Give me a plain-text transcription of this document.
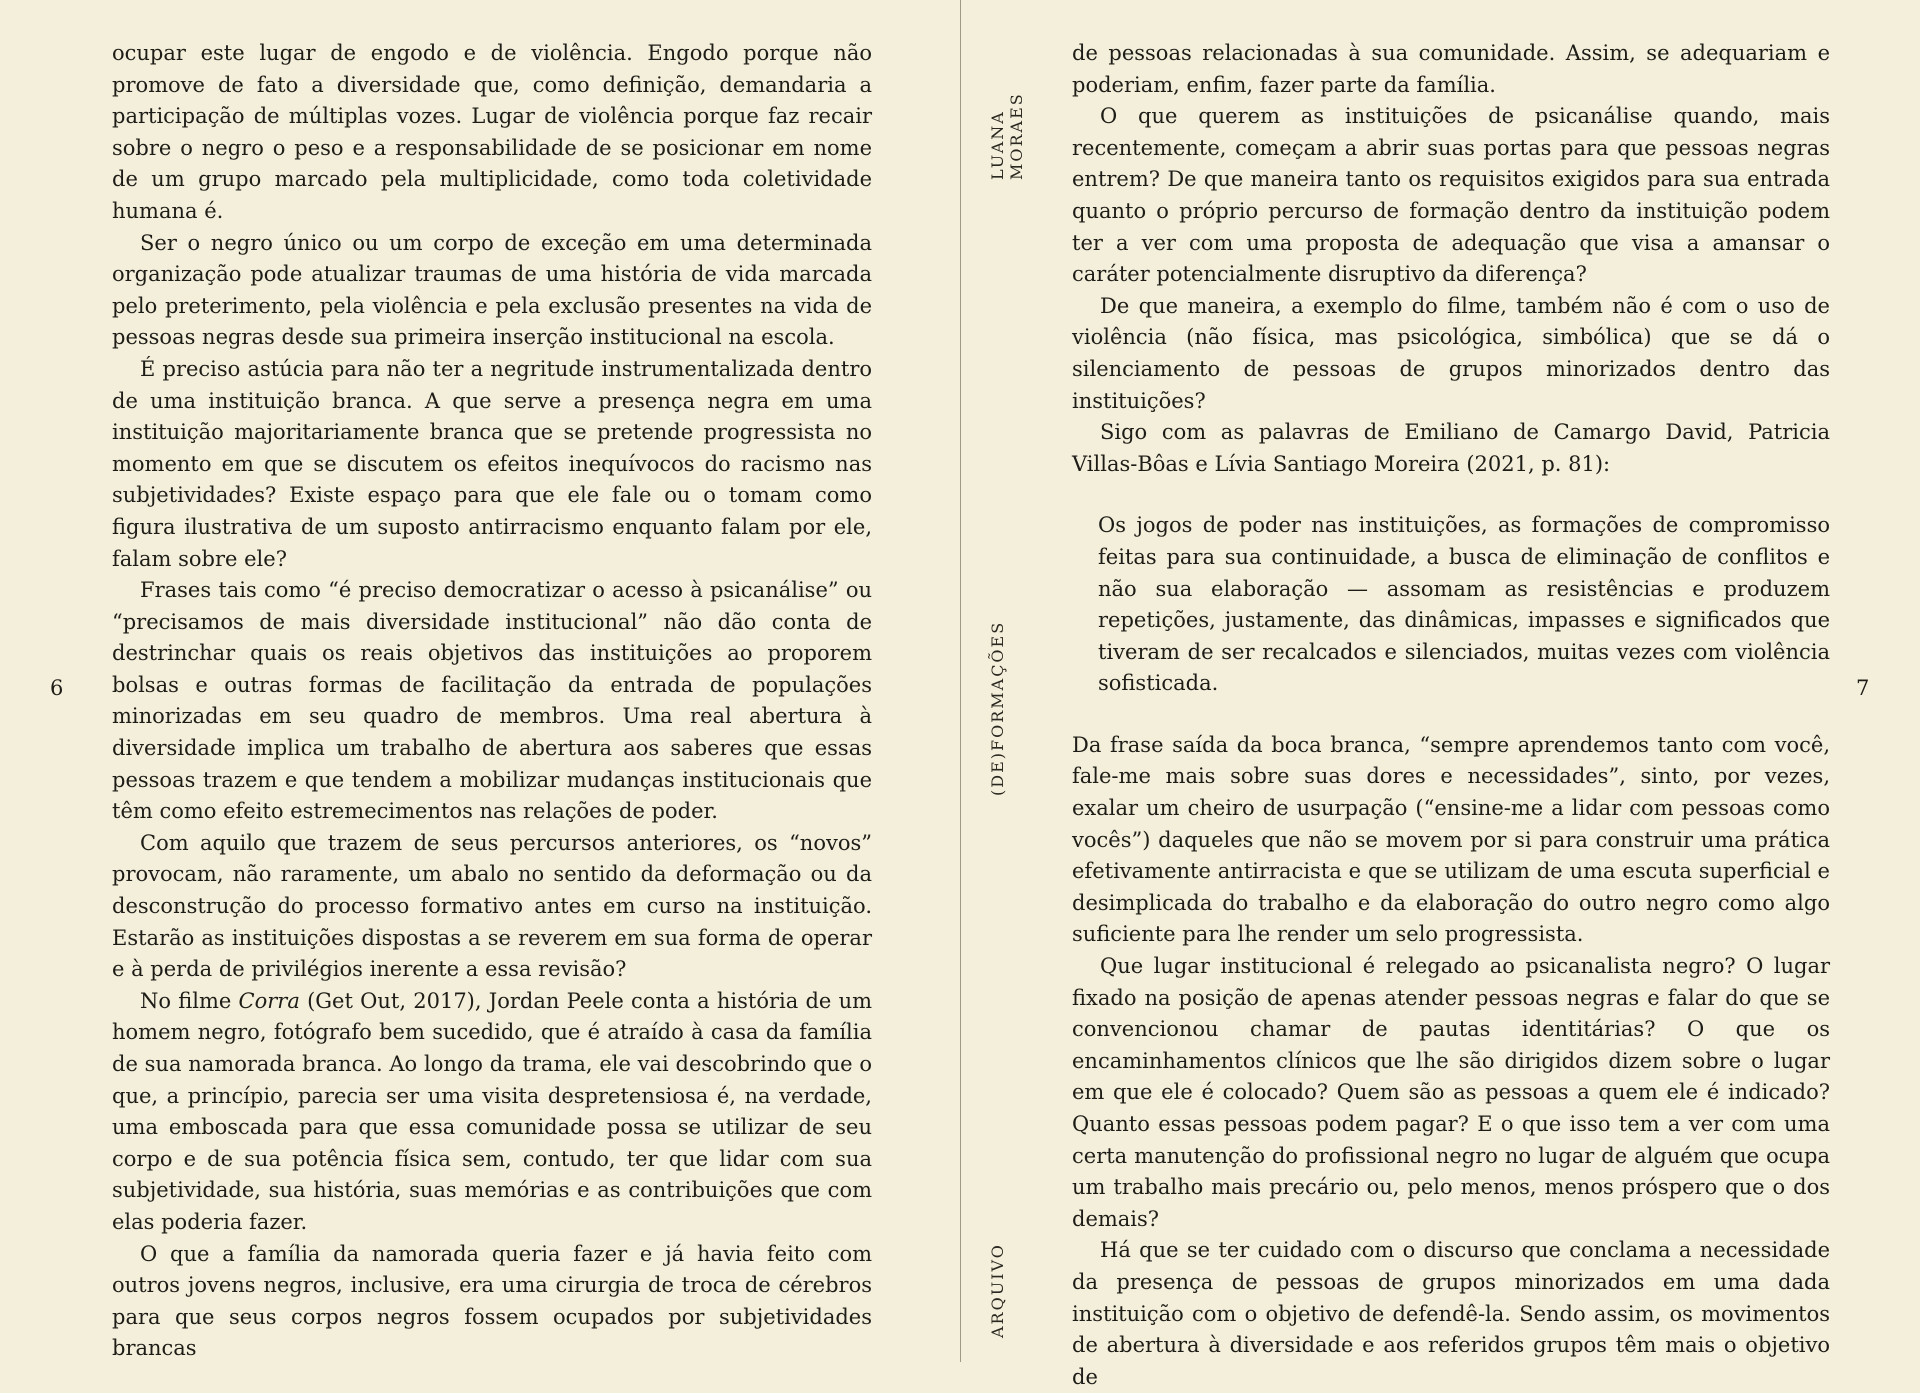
ocupar este lugar de engodo e de violência. Engodo porque não promove de fato a diversidade que, como definição, demandaria a participação de múltiplas vozes. Lugar de violência porque faz recair sobre o negro o peso e a responsabilidade de se posicionar em nome de um grupo marcado pela multiplicidade, como toda coletividade humana é.

Ser o negro único ou um corpo de exceção em uma determinada organização pode atualizar traumas de uma história de vida marcada pelo preterimento, pela violência e pela exclusão presentes na vida de pessoas negras desde sua primeira inserção institucional na escola.

É preciso astúcia para não ter a negritude instrumentalizada dentro de uma instituição branca. A que serve a presença negra em uma instituição majoritariamente branca que se pretende progressista no momento em que se discutem os efeitos inequívocos do racismo nas subjetividades? Existe espaço para que ele fale ou o tomam como figura ilustrativa de um suposto antirracismo enquanto falam por ele, falam sobre ele?

Frases tais como “é preciso democratizar o acesso à psicanálise” ou “precisamos de mais diversidade institucional” não dão conta de destrinchar quais os reais objetivos das instituições ao proporem bolsas e outras formas de facilitação da entrada de populações minorizadas em seu quadro de membros. Uma real abertura à diversidade implica um trabalho de abertura aos saberes que essas pessoas trazem e que tendem a mobilizar mudanças institucionais que têm como efeito estremecimentos nas relações de poder.

Com aquilo que trazem de seus percursos anteriores, os “novos” provocam, não raramente, um abalo no sentido da deformação ou da desconstrução do processo formativo antes em curso na instituição. Estarão as instituições dispostas a se reverem em sua forma de operar e à perda de privilégios inerente a essa revisão?

No filme Corra (Get Out, 2017), Jordan Peele conta a história de um homem negro, fotógrafo bem sucedido, que é atraído à casa da família de sua namorada branca. Ao longo da trama, ele vai descobrindo que o que, a princípio, parecia ser uma visita despretensiosa é, na verdade, uma emboscada para que essa comunidade possa se utilizar de seu corpo e de sua potência física sem, contudo, ter que lidar com sua subjetividade, sua história, suas memórias e as contribuições que com elas poderia fazer.

O que a família da namorada queria fazer e já havia feito com outros jovens negros, inclusive, era uma cirurgia de troca de cérebros para que seus corpos negros fossem ocupados por subjetividades brancas

6
LUANA MORAES
(DE)FORMAÇÕES
ARQUIVO

de pessoas relacionadas à sua comunidade. Assim, se adequariam e poderiam, enfim, fazer parte da família.

O que querem as instituições de psicanálise quando, mais recentemente, começam a abrir suas portas para que pessoas negras entrem? De que maneira tanto os requisitos exigidos para sua entrada quanto o próprio percurso de formação dentro da instituição podem ter a ver com uma proposta de adequação que visa a amansar o caráter potencialmente disruptivo da diferença?

De que maneira, a exemplo do filme, também não é com o uso de violência (não física, mas psicológica, simbólica) que se dá o silenciamento de pessoas de grupos minorizados dentro das instituições?

Sigo com as palavras de Emiliano de Camargo David, Patricia Villas-Bôas e Lívia Santiago Moreira (2021, p. 81):

Os jogos de poder nas instituições, as formações de compromisso feitas para sua continuidade, a busca de eliminação de conflitos e não sua elaboração — assomam as resistências e produzem repetições, justamente, das dinâmicas, impasses e significados que tiveram de ser recalcados e silenciados, muitas vezes com violência sofisticada.

Da frase saída da boca branca, “sempre aprendemos tanto com você, fale-me mais sobre suas dores e necessidades”, sinto, por vezes, exalar um cheiro de usurpação (“ensine-me a lidar com pessoas como vocês”) daqueles que não se movem por si para construir uma prática efetivamente antirracista e que se utilizam de uma escuta superficial e desimplicada do trabalho e da elaboração do outro negro como algo suficiente para lhe render um selo progressista.

Que lugar institucional é relegado ao psicanalista negro? O lugar fixado na posição de apenas atender pessoas negras e falar do que se convencionou chamar de pautas identitárias? O que os encaminhamentos clínicos que lhe são dirigidos dizem sobre o lugar em que ele é colocado? Quem são as pessoas a quem ele é indicado? Quanto essas pessoas podem pagar? E o que isso tem a ver com uma certa manutenção do profissional negro no lugar de alguém que ocupa um trabalho mais precário ou, pelo menos, menos próspero que o dos demais?

Há que se ter cuidado com o discurso que conclama a necessidade da presença de pessoas de grupos minorizados em uma dada instituição com o objetivo de defendê-la. Sendo assim, os movimentos de abertura à diversidade e aos referidos grupos têm mais o objetivo de

7
